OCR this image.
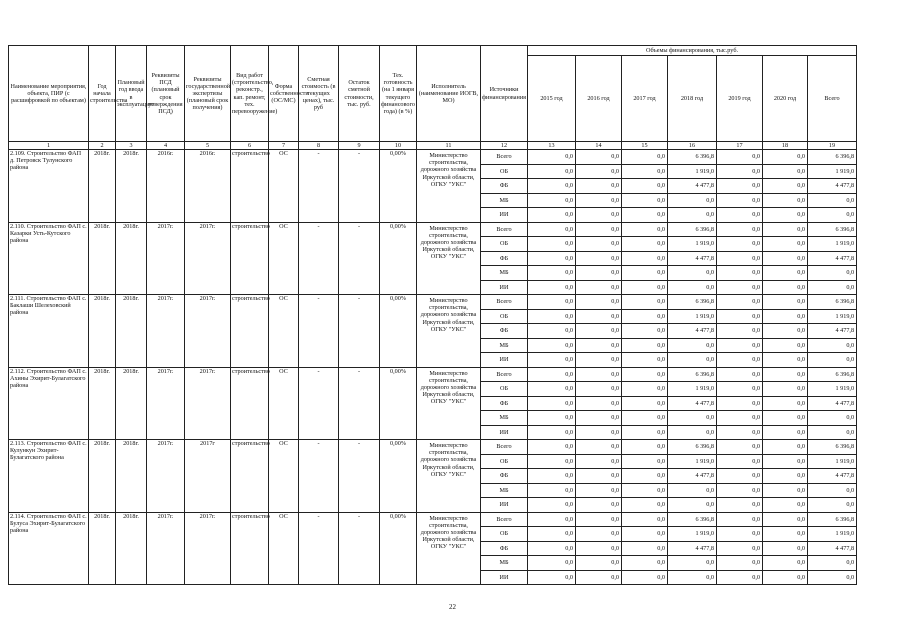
Наименование мероприятия, объекта, ПИР (с расшифровкой по объектам)	Год начала строительства	Плановый год ввода в эксплуатацию	Реквизиты ПСД (плановый срок утверждения ПСД)	Реквизиты государственной экспертизы (плановый срок получения)	Вид работ (строительство, реконстр., кап. ремонт, тех. перевооружение)	Форма собственности (ОС/МС)	Сметная стоимость (в текущих ценах), тыс. руб	Остаток сметной стоимости, тыс. руб.	Тех. готовность (на 1 января текущего финансового года) (в %)	Исполнитель (наименование ИОГВ, МО)	Источники финансирования	Объемы финансирования, тыс.руб.						
												2015 год	2016 год	2017 год	2018 год	2019 год	2020 год	Всего
1	2	3	4	5	6	7	8	9	10	11	12	13	14	15	16	17	18	19
2.109. Строительство ФАП д. Петровск Тулунского района	2018г.	2018г.	2016г.	2016г.	строительство	ОС	-	-	0,00%	Министерство строительства, дорожного хозяйства Иркутской области, ОГКУ "УКС"	Всего	0,0	0,0	0,0	6 396,8	0,0	0,0	6 396,8
											ОБ	0,0	0,0	0,0	1 919,0	0,0	0,0	1 919,0
											ФБ	0,0	0,0	0,0	4 477,8	0,0	0,0	4 477,8
											МБ	0,0	0,0	0,0	0,0	0,0	0,0	0,0
											ИИ	0,0	0,0	0,0	0,0	0,0	0,0	0,0
2.110. Строительство ФАП с. Казарки Усть-Кутского района	2018г.	2018г.	2017г.	2017г.	строительство	ОС	-	-	0,00%	Министерство строительства, дорожного хозяйства Иркутской области, ОГКУ "УКС"	Всего	0,0	0,0	0,0	6 396,8	0,0	0,0	6 396,8
											ОБ	0,0	0,0	0,0	1 919,0	0,0	0,0	1 919,0
											ФБ	0,0	0,0	0,0	4 477,8	0,0	0,0	4 477,8
											МБ	0,0	0,0	0,0	0,0	0,0	0,0	0,0
											ИИ	0,0	0,0	0,0	0,0	0,0	0,0	0,0
2.111. Строительство ФАП с. Баклаши Шелеховский района	2018г.	2018г.	2017г.	2017г.	строительство	ОС	-	-	0,00%	Министерство строительства, дорожного хозяйства Иркутской области, ОГКУ "УКС"	Всего	0,0	0,0	0,0	6 396,8	0,0	0,0	6 396,8
											ОБ	0,0	0,0	0,0	1 919,0	0,0	0,0	1 919,0
											ФБ	0,0	0,0	0,0	4 477,8	0,0	0,0	4 477,8
											МБ	0,0	0,0	0,0	0,0	0,0	0,0	0,0
											ИИ	0,0	0,0	0,0	0,0	0,0	0,0	0,0
2.112. Строительство ФАП с. Ахины Эхирит-Булагатского района	2018г.	2018г.	2017г.	2017г.	строительство	ОС	-	-	0,00%	Министерство строительства, дорожного хозяйства Иркутской области, ОГКУ "УКС"	Всего	0,0	0,0	0,0	6 396,8	0,0	0,0	6 396,8
											ОБ	0,0	0,0	0,0	1 919,0	0,0	0,0	1 919,0
											ФБ	0,0	0,0	0,0	4 477,8	0,0	0,0	4 477,8
											МБ	0,0	0,0	0,0	0,0	0,0	0,0	0,0
											ИИ	0,0	0,0	0,0	0,0	0,0	0,0	0,0
2.113. Строительство ФАП с. Кулункун Эхирит-Булагатского района	2018г.	2018г.	2017г.	2017г	строительство	ОС	-	-	0,00%	Министерство строительства, дорожного хозяйства Иркутской области, ОГКУ "УКС"	Всего	0,0	0,0	0,0	6 396,8	0,0	0,0	6 396,8
											ОБ	0,0	0,0	0,0	1 919,0	0,0	0,0	1 919,0
											ФБ	0,0	0,0	0,0	4 477,8	0,0	0,0	4 477,8
											МБ	0,0	0,0	0,0	0,0	0,0	0,0	0,0
											ИИ	0,0	0,0	0,0	0,0	0,0	0,0	0,0
2.114. Строительство ФАП с. Булуса Эхирит-Булагатского района	2018г.	2018г.	2017г.	2017г.	строительство	ОС	-	-	0,00%	Министерство строительства, дорожного хозяйства Иркутской области, ОГКУ "УКС"	Всего	0,0	0,0	0,0	6 396,8	0,0	0,0	6 396,8
											ОБ	0,0	0,0	0,0	1 919,0	0,0	0,0	1 919,0
											ФБ	0,0	0,0	0,0	4 477,8	0,0	0,0	4 477,8
											МБ	0,0	0,0	0,0	0,0	0,0	0,0	0,0
											ИИ	0,0	0,0	0,0	0,0	0,0	0,0	0,0
22
